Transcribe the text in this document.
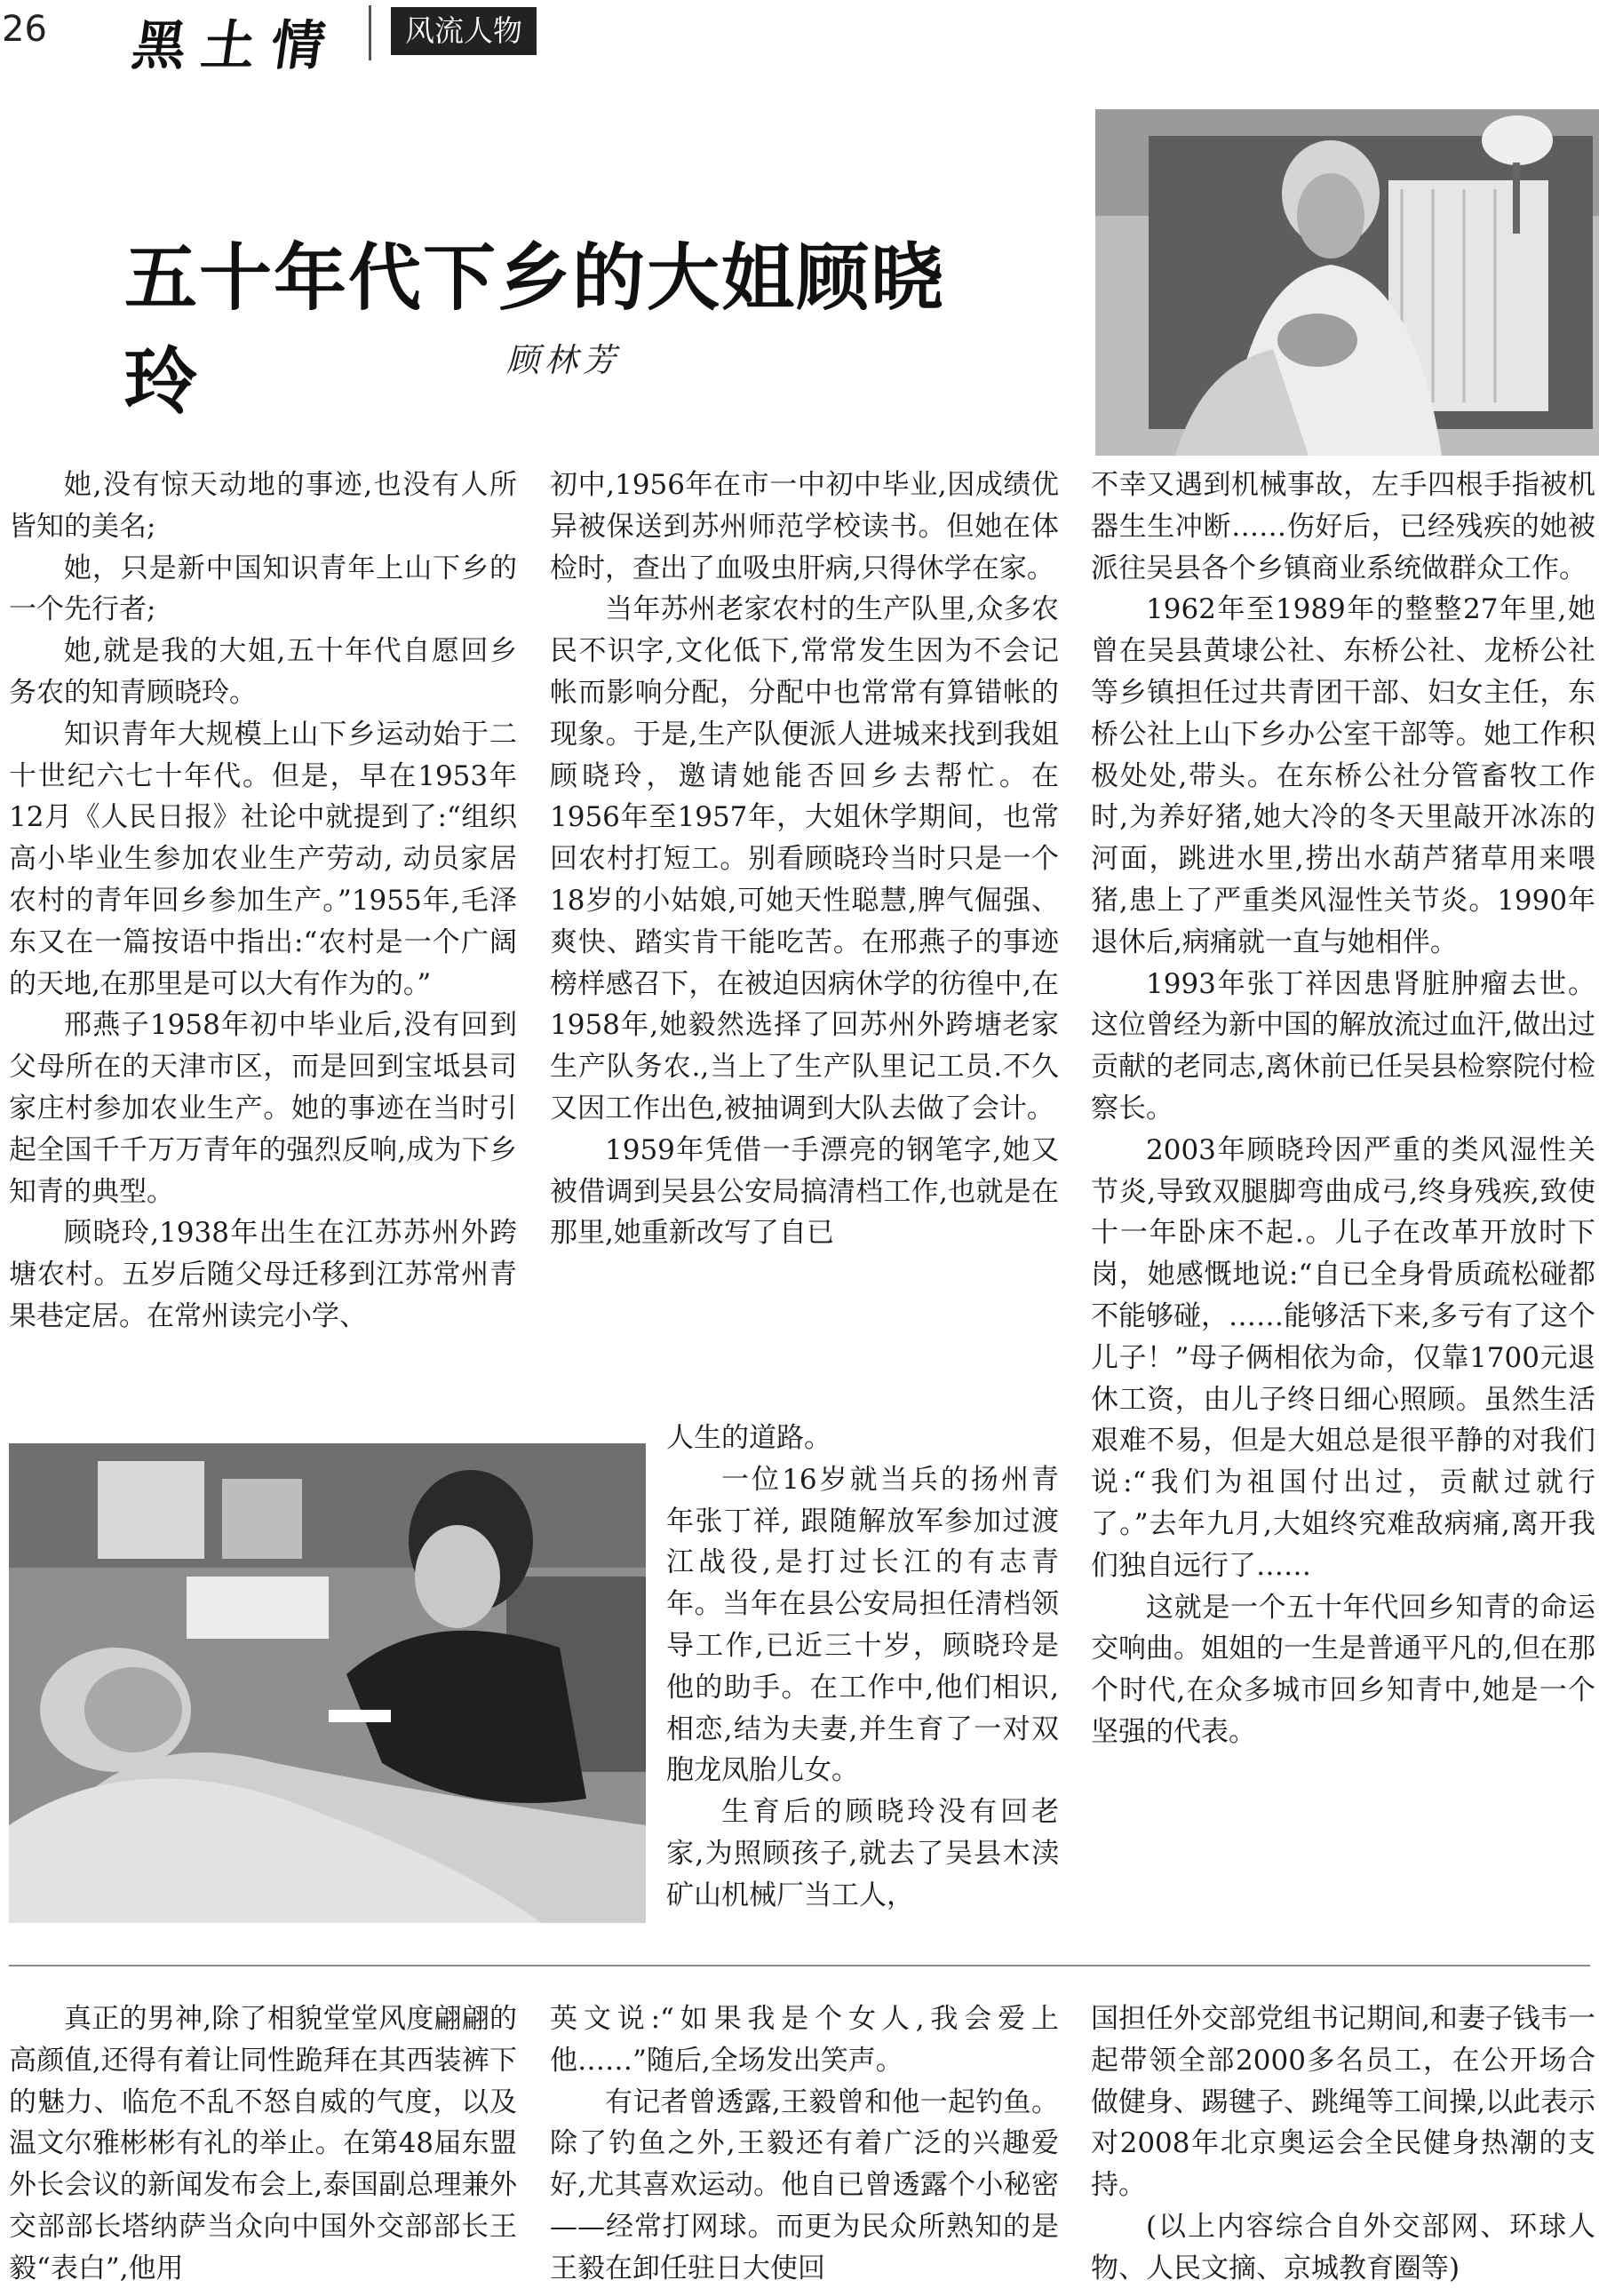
26 黑土情	风流人物
五十年代下乡的大姐顾晓玲	顾林芳

她,没有惊天动地的事迹,也没有人所皆知的美名;

她，只是新中国知识青年上山下乡的一个先行者;

她,就是我的大姐,五十年代自愿回乡务农的知青顾晓玲。

知识青年大规模上山下乡运动始于二十世纪六七十年代。但是，早在1953年12月《人民日报》社论中就提到了:“组织高小毕业生参加农业生产劳动, 动员家居农村的青年回乡参加生产。”1955年,毛泽东又在一篇按语中指出:“农村是一个广阔的天地,在那里是可以大有作为的。”

邢燕子1958年初中毕业后,没有回到父母所在的天津市区，而是回到宝坻县司家庄村参加农业生产。她的事迹在当时引起全国千千万万青年的强烈反响,成为下乡知青的典型。

顾晓玲,1938年出生在江苏苏州外跨塘农村。五岁后随父母迁移到江苏常州青果巷定居。在常州读完小学、

初中,1956年在市一中初中毕业,因成绩优异被保送到苏州师范学校读书。但她在体检时，查出了血吸虫肝病,只得休学在家。

当年苏州老家农村的生产队里,众多农民不识字,文化低下,常常发生因为不会记帐而影响分配，分配中也常常有算错帐的现象。于是,生产队便派人进城来找到我姐顾晓玲，邀请她能否回乡去帮忙。在1956年至1957年，大姐休学期间，也常回农村打短工。别看顾晓玲当时只是一个18岁的小姑娘,可她天性聪慧,脾气倔强、爽快、踏实肯干能吃苦。在邢燕子的事迹榜样感召下，在被迫因病休学的彷徨中,在1958年,她毅然选择了回苏州外跨塘老家生产队务农.,当上了生产队里记工员.不久又因工作出色,被抽调到大队去做了会计。

1959年凭借一手漂亮的钢笔字,她又被借调到吴县公安局搞清档工作,也就是在那里,她重新改写了自已

人生的道路。

一位16岁就当兵的扬州青年张丁祥, 跟随解放军参加过渡江战役,是打过长江的有志青年。当年在县公安局担任清档领导工作,已近三十岁，顾晓玲是他的助手。在工作中,他们相识,相恋,结为夫妻,并生育了一对双胞龙凤胎儿女。

生育后的顾晓玲没有回老家,为照顾孩子,就去了吴县木渎矿山机械厂当工人，

不幸又遇到机械事故，左手四根手指被机器生生冲断……伤好后，已经残疾的她被派往吴县各个乡镇商业系统做群众工作。

1962年至1989年的整整27年里,她曾在吴县黄埭公社、东桥公社、龙桥公社等乡镇担任过共青团干部、妇女主任，东桥公社上山下乡办公室干部等。她工作积极处处,带头。在东桥公社分管畜牧工作时,为养好猪,她大冷的冬天里敲开冰冻的河面，跳进水里,捞出水葫芦猪草用来喂猪,患上了严重类风湿性关节炎。1990年退休后,病痛就一直与她相伴。

1993年张丁祥因患肾脏肿瘤去世。这位曾经为新中国的解放流过血汗,做出过贡献的老同志,离休前已任吴县检察院付检察长。

2003年顾晓玲因严重的类风湿性关节炎,导致双腿脚弯曲成弓,终身残疾,致使十一年卧床不起.。儿子在改革开放时下岗，她感慨地说:“自已全身骨质疏松碰都不能够碰，……能够活下来,多亏有了这个儿子！”母子俩相依为命，仅靠1700元退休工资，由儿子终日细心照顾。虽然生活艰难不易，但是大姐总是很平静的对我们说:“我们为祖国付出过，贡献过就行了。”去年九月,大姐终究难敌病痛,离开我们独自远行了……

这就是一个五十年代回乡知青的命运交响曲。姐姐的一生是普通平凡的,但在那个时代,在众多城市回乡知青中,她是一个坚强的代表。

真正的男神,除了相貌堂堂风度翩翩的高颜值,还得有着让同性跪拜在其西装裤下的魅力、临危不乱不怒自威的气度，以及温文尔雅彬彬有礼的举止。在第48届东盟外长会议的新闻发布会上,泰国副总理兼外交部部长塔纳萨当众向中国外交部部长王毅“表白”,他用

英文说:“如果我是个女人,我会爱上他……”随后,全场发出笑声。

有记者曾透露,王毅曾和他一起钓鱼。除了钓鱼之外,王毅还有着广泛的兴趣爱好,尤其喜欢运动。他自已曾透露个小秘密——经常打网球。而更为民众所熟知的是王毅在卸任驻日大使回

国担任外交部党组书记期间,和妻子钱韦一起带领全部2000多名员工，在公开场合做健身、踢毽子、跳绳等工间操,以此表示对2008年北京奥运会全民健身热潮的支持。

(以上内容综合自外交部网、环球人物、人民文摘、京城教育圈等)
